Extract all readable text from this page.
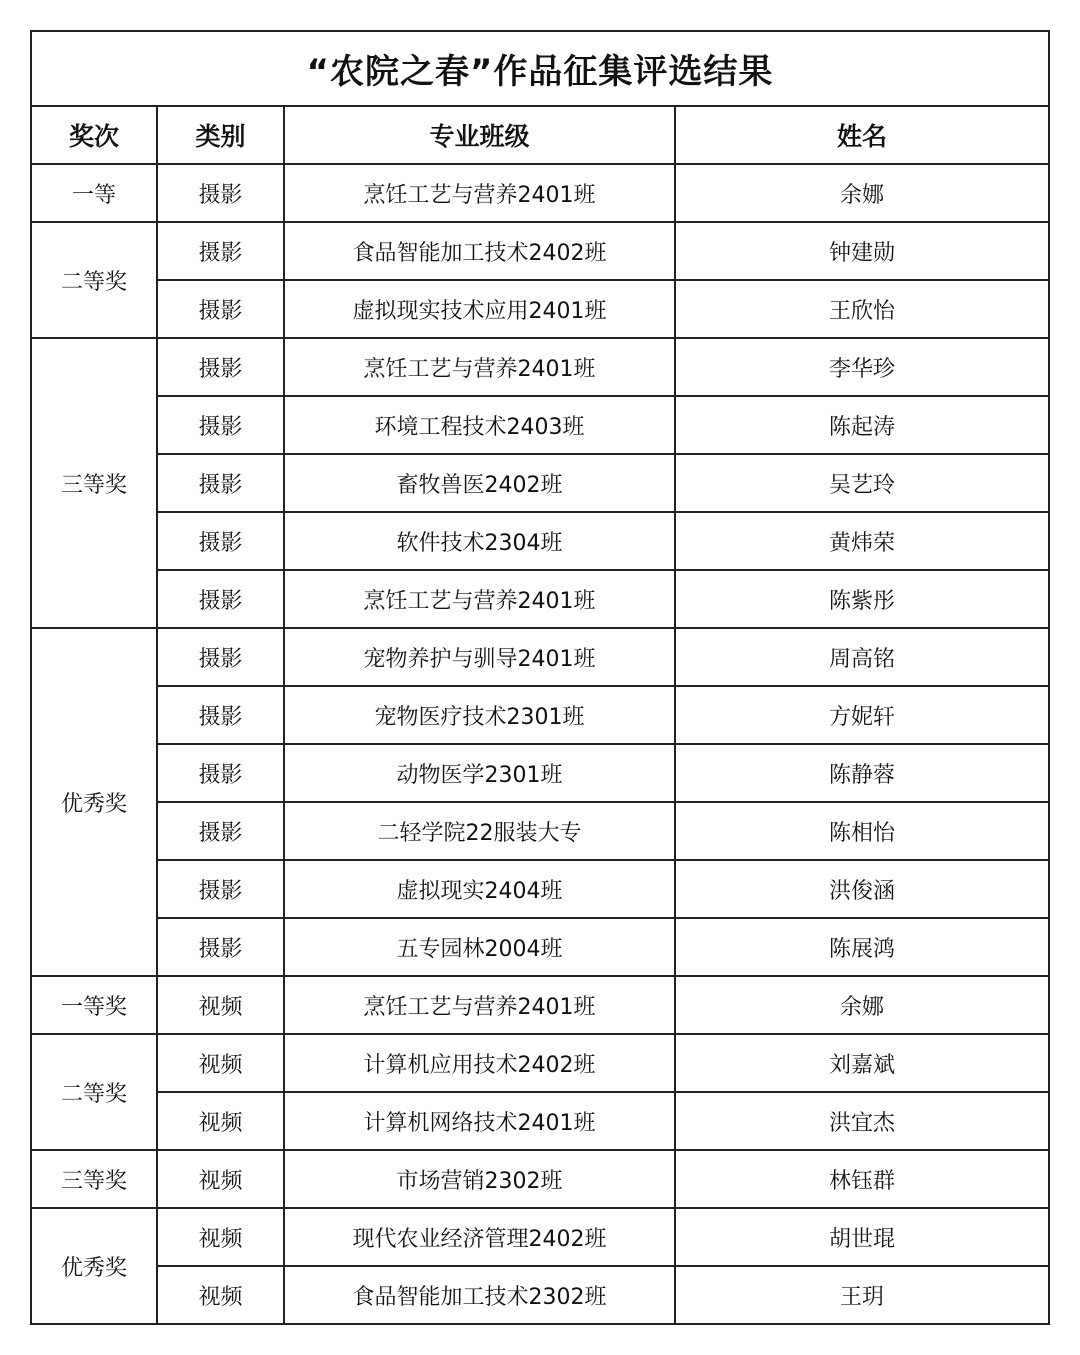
“农院之春”作品征集评选结果			
奖次	类别	专业班级	姓名
一等	摄影	烹饪工艺与营养2401班	余娜
二等奖	摄影	食品智能加工技术2402班	钟建勋
	摄影	虚拟现实技术应用2401班	王欣怡
三等奖	摄影	烹饪工艺与营养2401班	李华珍
	摄影	环境工程技术2403班	陈起涛
	摄影	畜牧兽医2402班	吴艺玲
	摄影	软件技术2304班	黄炜荣
	摄影	烹饪工艺与营养2401班	陈紫彤
优秀奖	摄影	宠物养护与驯导2401班	周高铭
	摄影	宠物医疗技术2301班	方妮轩
	摄影	动物医学2301班	陈静蓉
	摄影	二轻学院22服装大专	陈相怡
	摄影	虚拟现实2404班	洪俊涵
	摄影	五专园林2004班	陈展鸿
一等奖	视频	烹饪工艺与营养2401班	余娜
二等奖	视频	计算机应用技术2402班	刘嘉斌
	视频	计算机网络技术2401班	洪宜杰
三等奖	视频	市场营销2302班	林钰群
优秀奖	视频	现代农业经济管理2402班	胡世琨
	视频	食品智能加工技术2302班	王玥
